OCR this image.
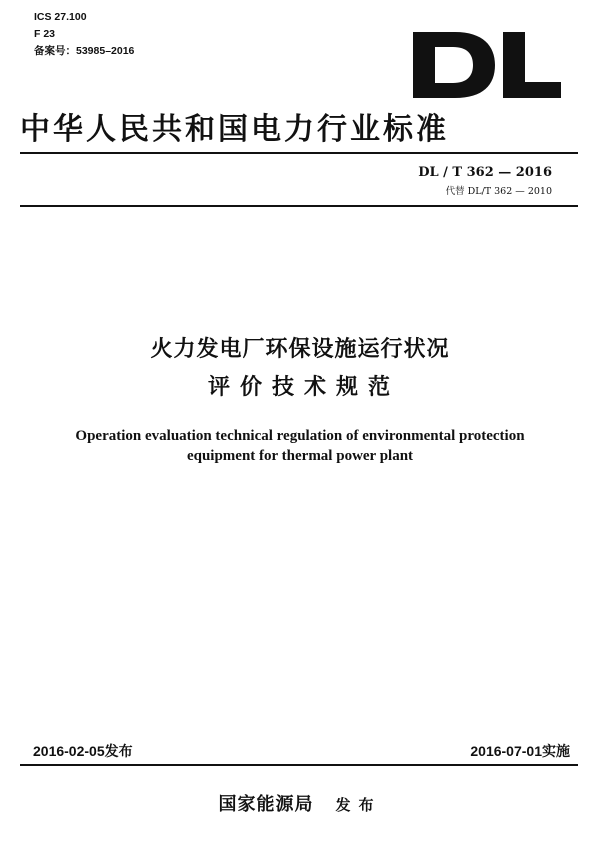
ICS 27.100
F 23
备案号：53985–2016
中华人民共和国电力行业标准
DL / T 362 — 2016
代替 DL/T 362 — 2010
火力发电厂环保设施运行状况
评价技术规范
Operation evaluation technical regulation of environmental protection
equipment for thermal power plant
2016-02-05发布	2016-07-01实施
国家能源局 发布
